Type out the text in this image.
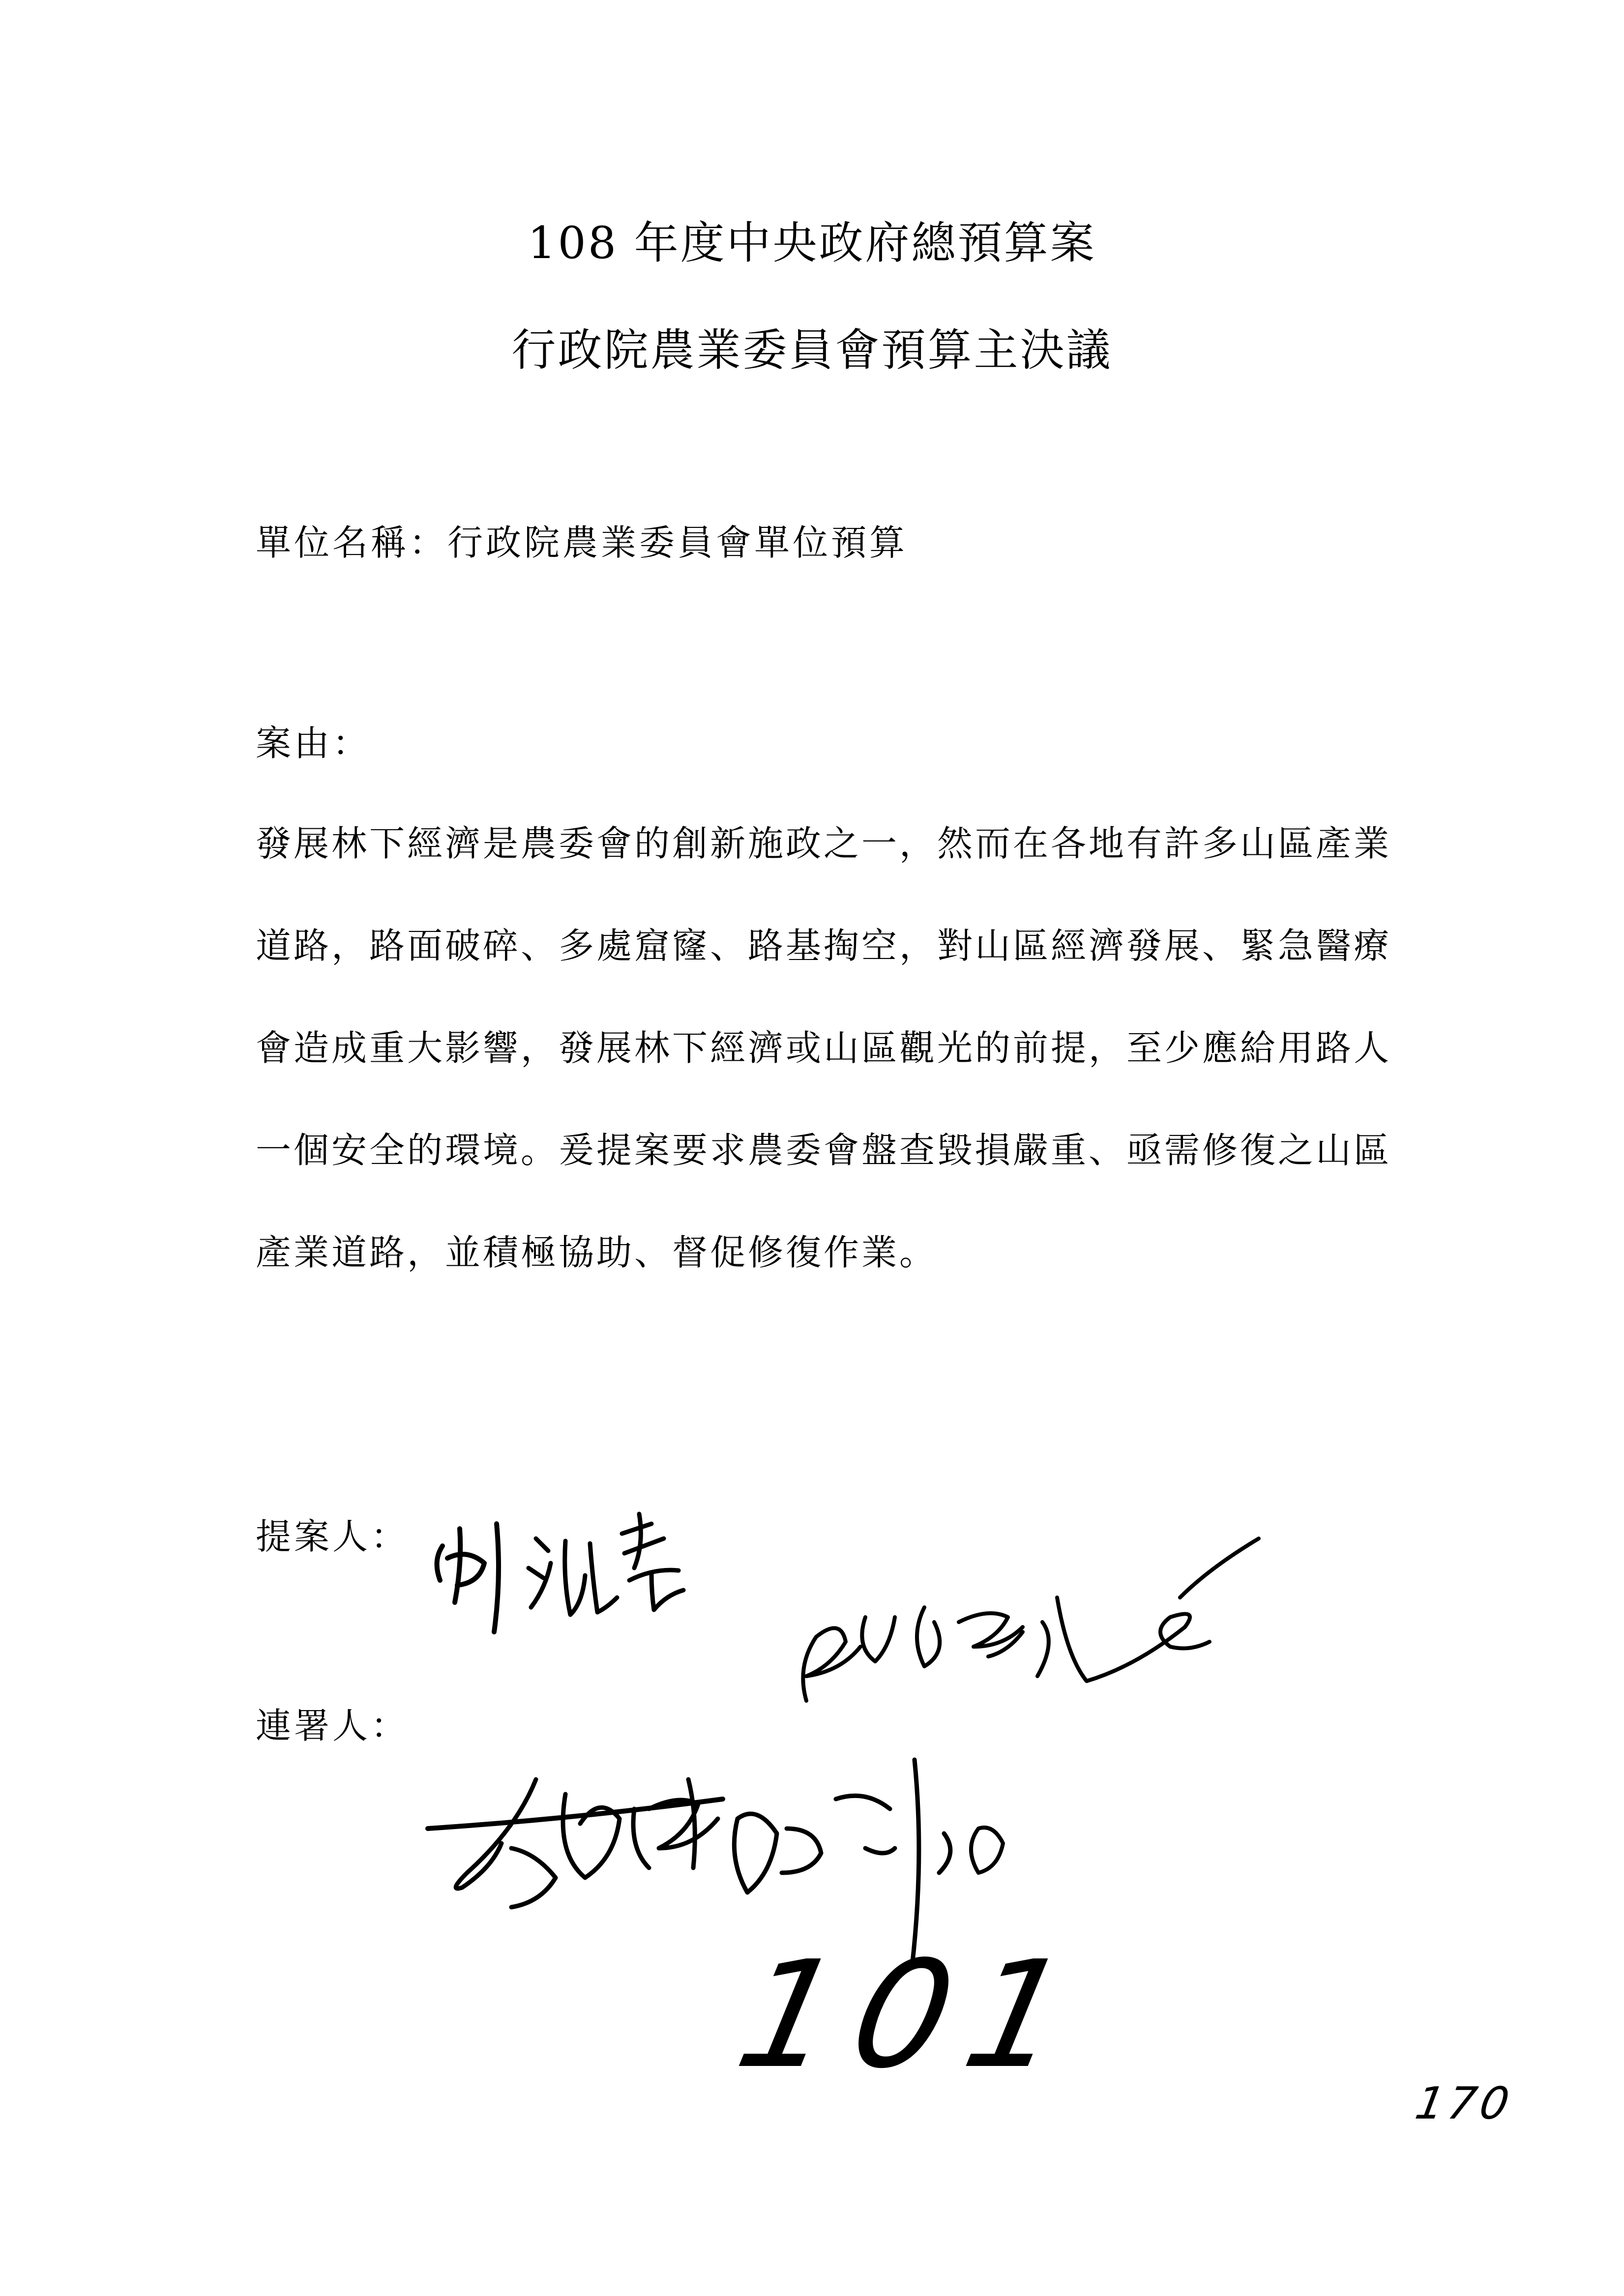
108 年度中央政府總預算案
行政院農業委員會預算主決議
單位名稱：行政院農業委員會單位預算
案由：
發展林下經濟是農委會的創新施政之一，然而在各地有許多山區產業
道路，路面破碎、多處窟窿、路基掏空，對山區經濟發展、緊急醫療
會造成重大影響，發展林下經濟或山區觀光的前提，至少應給用路人
一個安全的環境。爰提案要求農委會盤查毀損嚴重、亟需修復之山區
產業道路，並積極協助、督促修復作業。
提案人：
連署人：
101
170
